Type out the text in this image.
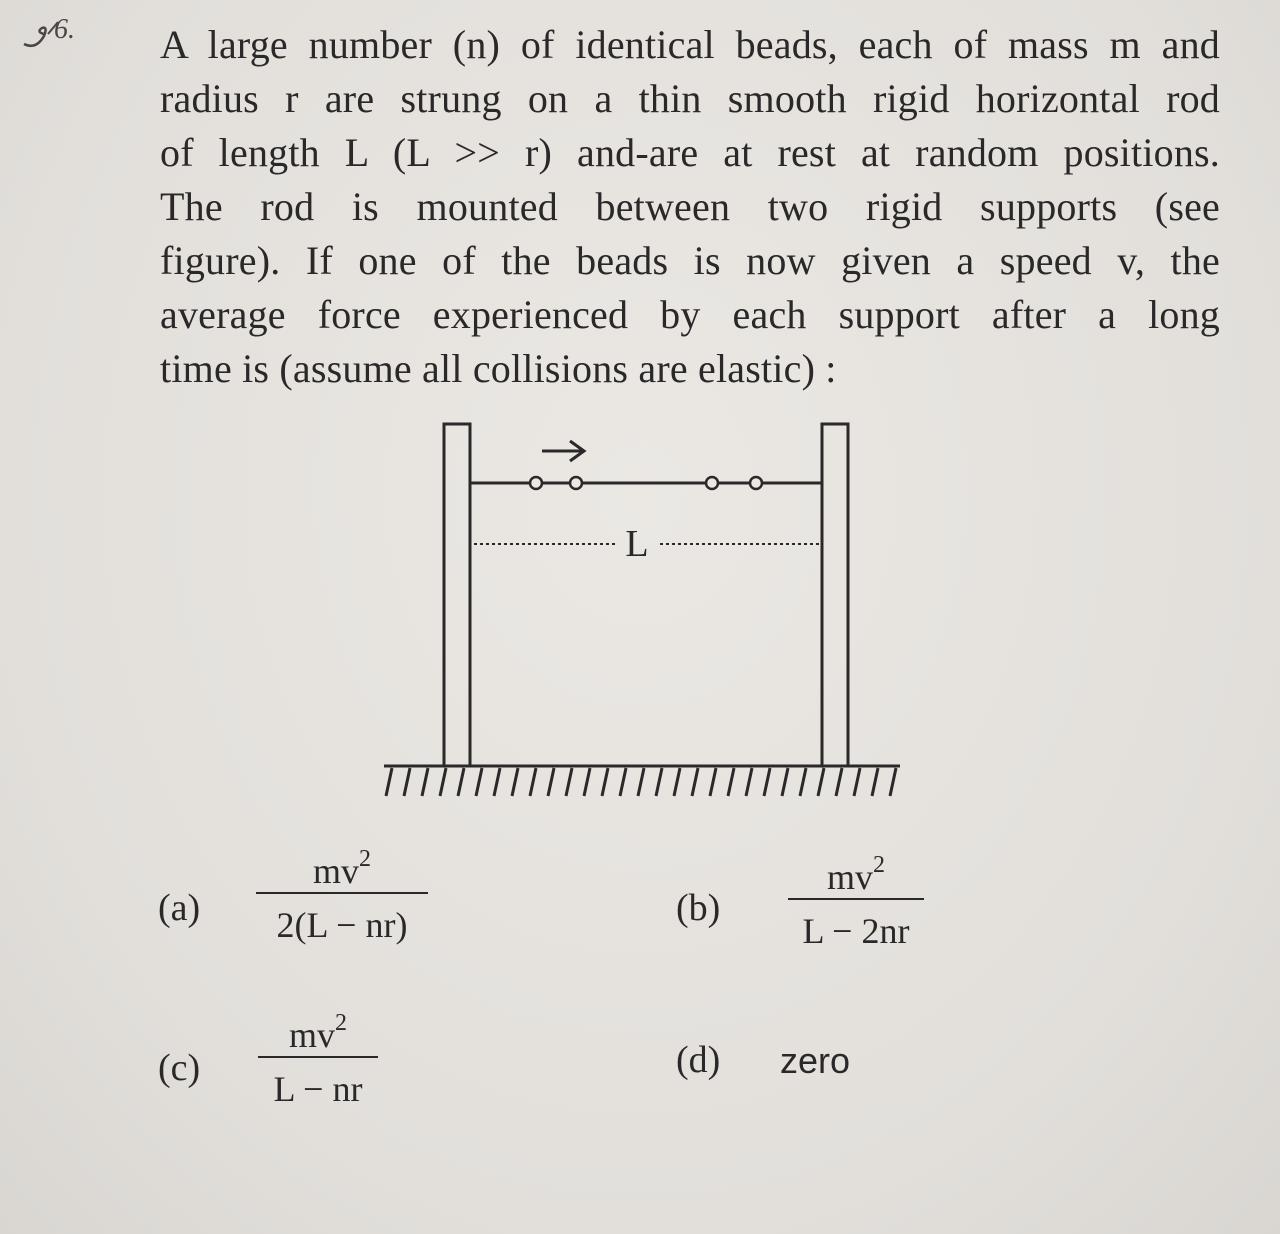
6. A large number (n) of identical beads, each of mass m and
radius r are strung on a thin smooth rigid horizontal rod
of length L (L >> r) and-are at rest at random positions.
The rod is mounted between two rigid supports (see
figure). If one of the beads is now given a speed v, the
average force experienced by each support after a long
time is (assume all collisions are elastic) :
L
(a)
$mv^2$
2(L − nr)	(b)
$mv^2$
L − 2nr
(c)
$mv^2$
L − nr
(d) zero
